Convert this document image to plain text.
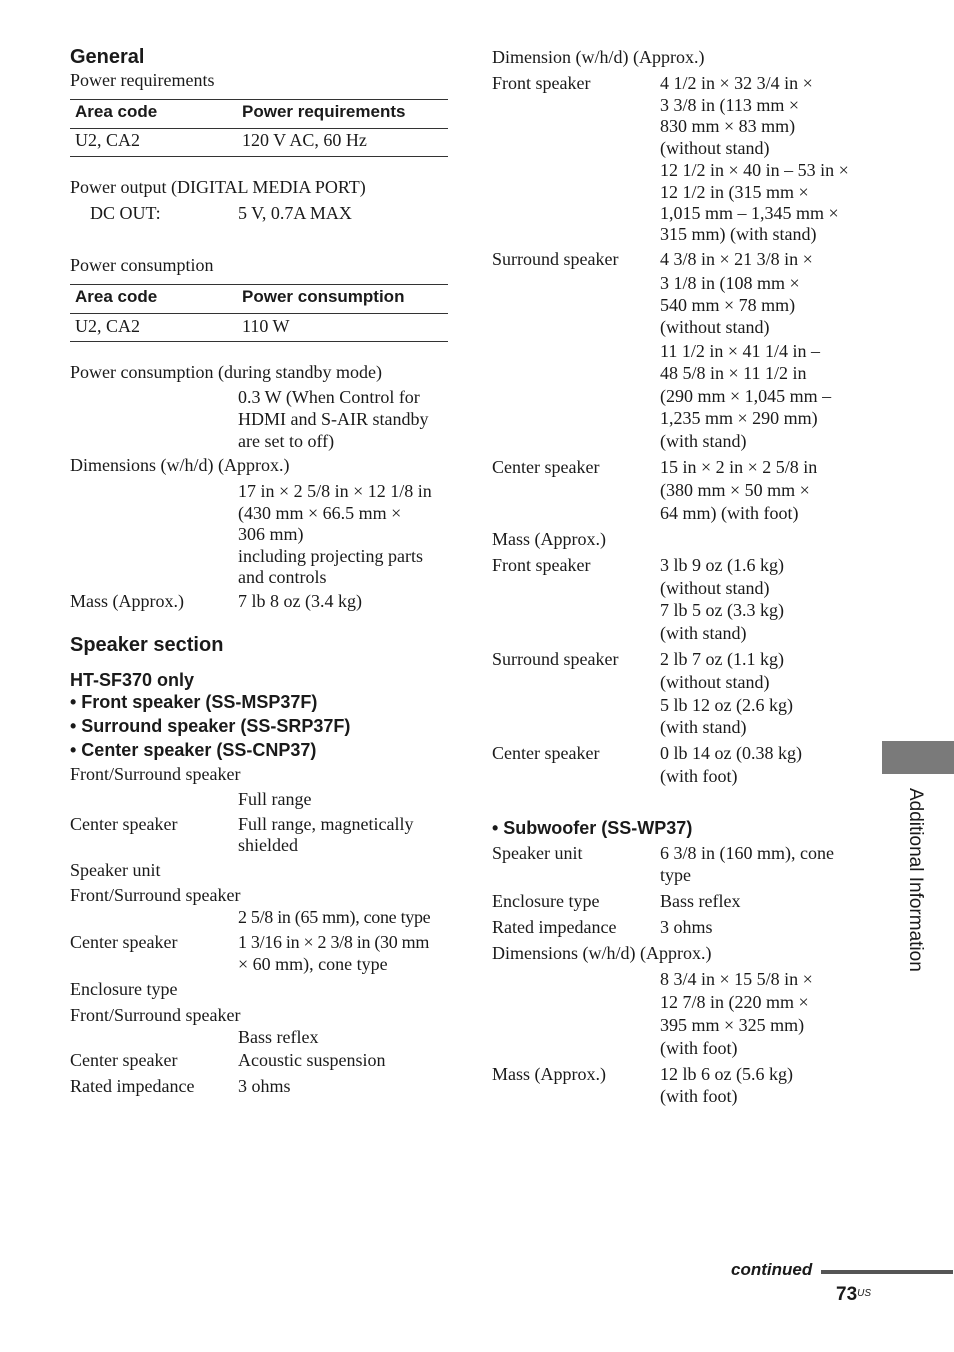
General
Power requirements
Area code	Power requirements
U2, CA2	120 V AC, 60 Hz
Power output (DIGITAL MEDIA PORT)
DC OUT:	5 V, 0.7A MAX
Power consumption
Area code	Power consumption
U2, CA2	110 W
Power consumption (during standby mode)
0.3 W (When Control for
HDMI and S-AIR standby
are set to off)
Dimensions (w/h/d) (Approx.)
17 in × 2 5/8 in × 12 1/8 in
(430 mm × 66.5 mm ×
306 mm)
including projecting parts
and controls
Mass (Approx.)	7 lb 8 oz (3.4 kg)
Speaker section
HT-SF370 only
• Front speaker (SS-MSP37F)
• Surround speaker (SS-SRP37F)
• Center speaker (SS-CNP37)
Front/Surround speaker
Full range
Center speaker	Full range, magnetically
shielded
Speaker unit
Front/Surround speaker
2 5/8 in (65 mm), cone type
Center speaker	1 3/16 in × 2 3/8 in (30 mm
× 60 mm), cone type
Enclosure type
Front/Surround speaker
Bass reflex
Center speaker	Acoustic suspension
Rated impedance 3 ohms
Dimension (w/h/d) (Approx.)
Front speaker	4 1/2 in × 32 3/4 in ×
3 3/8 in (113 mm ×
830 mm × 83 mm)
(without stand)
12 1/2 in × 40 in – 53 in ×
12 1/2 in (315 mm ×
1,015 mm – 1,345 mm ×
315 mm) (with stand)
Surround speaker 4 3/8 in × 21 3/8 in ×
3 1/8 in (108 mm ×
540 mm × 78 mm)
(without stand)
11 1/2 in × 41 1/4 in –
48 5/8 in × 11 1/2 in
(290 mm × 1,045 mm –
1,235 mm × 290 mm)
(with stand)
Center speaker	15 in × 2 in × 2 5/8 in
(380 mm × 50 mm ×
64 mm) (with foot)
Mass (Approx.)
Front speaker	3 lb 9 oz (1.6 kg)
(without stand)
7 lb 5 oz (3.3 kg)
(with stand)
Surround speaker 2 lb 7 oz (1.1 kg)
(without stand)
5 lb 12 oz (2.6 kg)
(with stand)
Center speaker	0 lb 14 oz (0.38 kg)
(with foot)
• Subwoofer (SS-WP37)
Speaker unit	6 3/8 in (160 mm), cone
type
Enclosure type	Bass reflex
Rated impedance 3 ohms
Dimensions (w/h/d) (Approx.)
8 3/4 in × 15 5/8 in ×
12 7/8 in (220 mm ×
395 mm × 325 mm)
(with foot)
Mass (Approx.)	12 lb 6 oz (5.6 kg)
(with foot)
Additional Information
continued
$73^{US}$
